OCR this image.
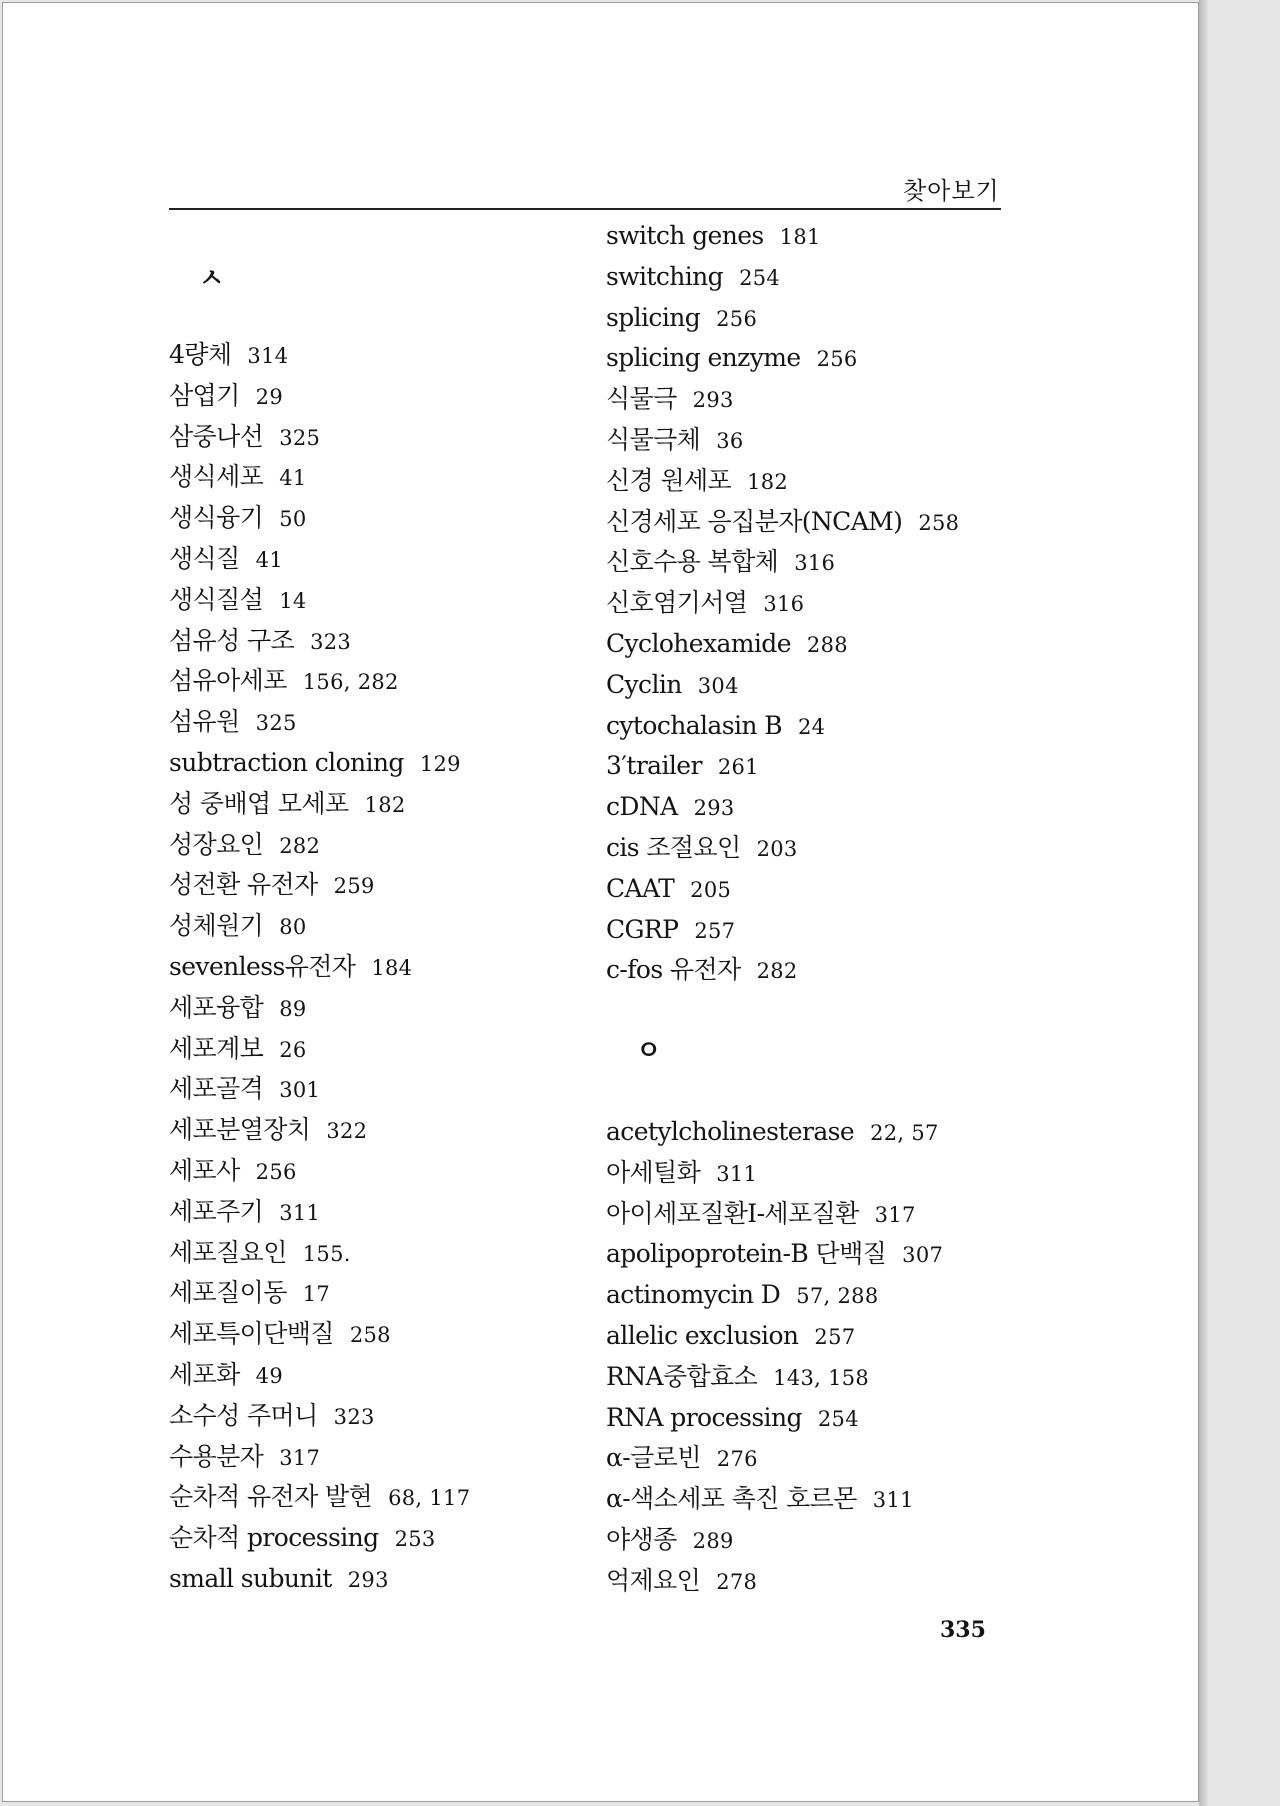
찾아보기
ㅅ
4량체 314
삼엽기 29
삼중나선 325
생식세포 41
생식융기 50
생식질 41
생식질설 14
섬유성 구조 323
섬유아세포 156, 282
섬유원 325
subtraction cloning 129
성 중배엽 모세포 182
성장요인 282
성전환 유전자 259
성체원기 80
sevenless유전자 184
세포융합 89
세포계보 26
세포골격 301
세포분열장치 322
세포사 256
세포주기 311
세포질요인 155.
세포질이동 17
세포특이단백질 258
세포화 49
소수성 주머니 323
수용분자 317
순차적 유전자 발현 68, 117
순차적 processing 253
small subunit 293
switch genes 181
switching 254
splicing 256
splicing enzyme 256
식물극 293
식물극체 36
신경 원세포 182
신경세포 응집분자(NCAM) 258
신호수용 복합체 316
신호염기서열 316
Cyclohexamide 288
Cyclin 304
cytochalasin B 24
3′trailer 261
cDNA 293
cis 조절요인 203
CAAT 205
CGRP 257
c-fos 유전자 282
ㅇ
acetylcholinesterase 22, 57
아세틸화 311
아이세포질환I-세포질환 317
apolipoprotein-B 단백질 307
actinomycin D 57, 288
allelic exclusion 257
RNA중합효소 143, 158
RNA processing 254
α-글로빈 276
α-색소세포 촉진 호르몬 311
야생종 289
억제요인 278
335
